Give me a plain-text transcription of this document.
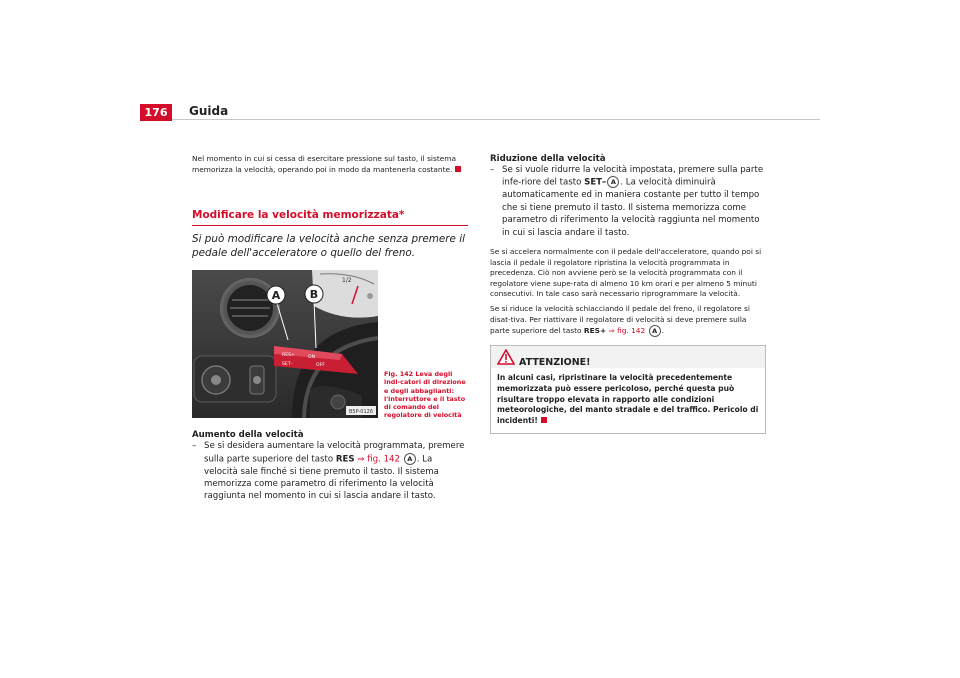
176	Guida

Nel momento in cui si cessa di esercitare pressione sul tasto, il sistema memorizza la velocità, operando poi in modo da mantenerla costante.

Modificare la velocità memorizzata*

Si può modificare la velocità anche senza premere il pedale dell'acceleratore o quello del freno.

1/2
RES+	ON
SET–	OFF
A	B
B5P-0126
Fig. 142 Leva degli indi-catori di direzione e degli abbaglianti: l'interruttore e il tasto di comando del regolatore di velocità

Aumento della velocità

– Se si desidera aumentare la velocità programmata, premere sulla parte superiore del tasto RES ⇒ fig. 142 A . La velocità sale finché si tiene premuto il tasto. Il sistema memorizza come parametro di riferimento la velocità raggiunta nel momento in cui si lascia andare il tasto.

Riduzione della velocità

– Se si vuole ridurre la velocità impostata, premere sulla parte infe-riore del tasto SET– A . La velocità diminuirà automaticamente ed in maniera costante per tutto il tempo che si tiene premuto il tasto. Il sistema memorizza come parametro di riferimento la velocità raggiunta nel momento in cui si lascia andare il tasto.

Se si accelera normalmente con il pedale dell'acceleratore, quando poi si lascia il pedale il regolatore ripristina la velocità programmata in precedenza. Ciò non avviene però se la velocità programmata con il regolatore viene supe-rata di almeno 10 km orari e per almeno 5 minuti consecutivi. In tale caso sarà necessario riprogrammare la velocità.

Se si riduce la velocità schiacciando il pedale del freno, il regolatore si disat-tiva. Per riattivare il regolatore di velocità si deve premere sulla parte superiore del tasto RES+ ⇒ fig. 142 A .

ATTENZIONE!
In alcuni casi, ripristinare la velocità precedentemente memorizzata può essere pericoloso, perché questa può risultare troppo elevata in rapporto alle condizioni meteorologiche, del manto stradale e del traffico. Pericolo di incidenti!
